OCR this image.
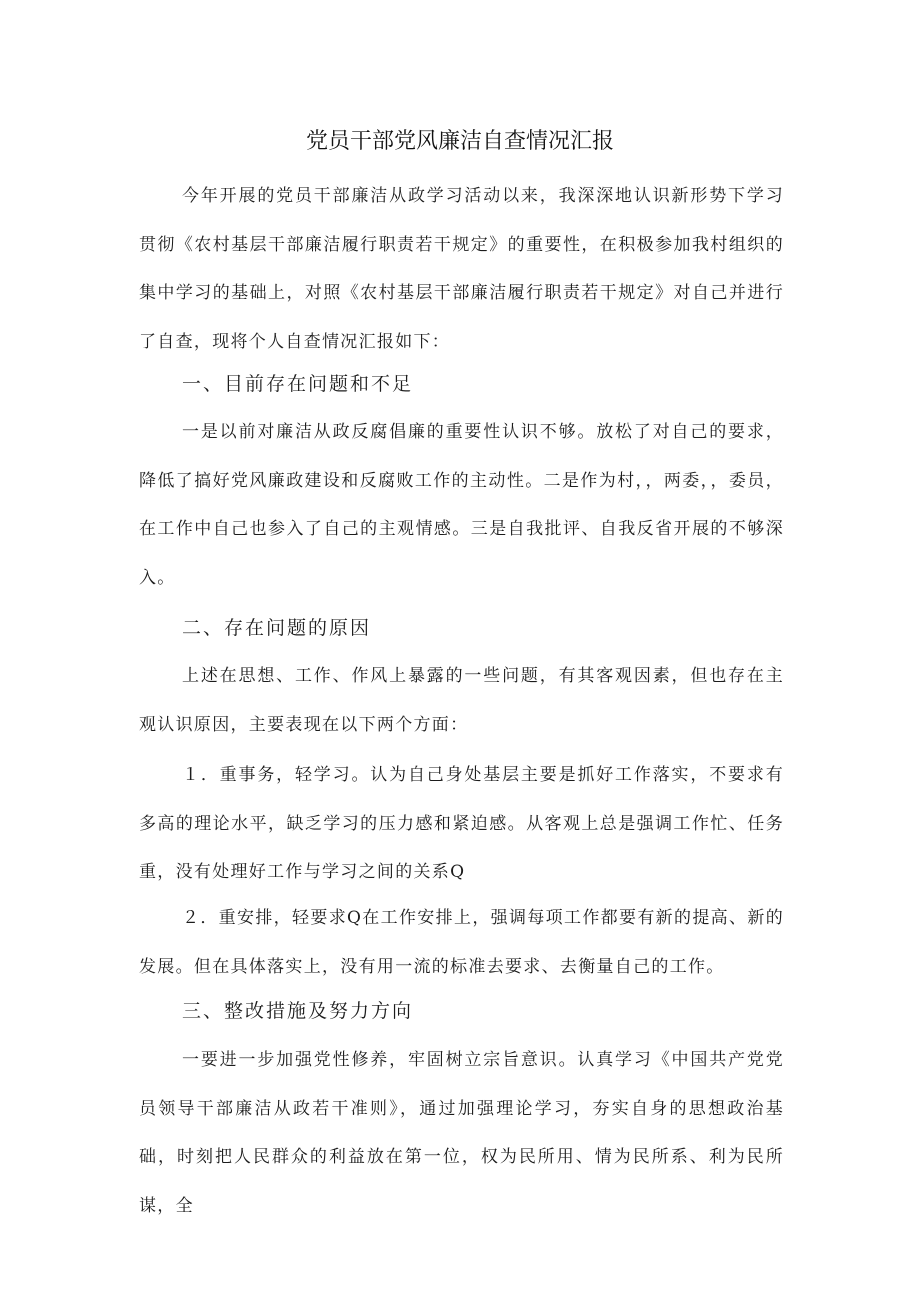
党员干部党风廉洁自查情况汇报

今年开展的党员干部廉洁从政学习活动以来，我深深地认识新形势下学习贯彻《农村基层干部廉洁履行职责若干规定》的重要性，在积极参加我村组织的集中学习的基础上，对照《农村基层干部廉洁履行职责若干规定》对自己并进行了自查，现将个人自查情况汇报如下：

一、目前存在问题和不足

一是以前对廉洁从政反腐倡廉的重要性认识不够。放松了对自己的要求，降低了搞好党风廉政建设和反腐败工作的主动性。二是作为村，，两委，，委员，在工作中自己也参入了自己的主观情感。三是自我批评、自我反省开展的不够深入。

二、存在问题的原因

上述在思想、工作、作风上暴露的一些问题，有其客观因素，但也存在主观认识原因，主要表现在以下两个方面：

１．重事务，轻学习。认为自己身处基层主要是抓好工作落实，不要求有多高的理论水平，缺乏学习的压力感和紧迫感。从客观上总是强调工作忙、任务重，没有处理好工作与学习之间的关系Q

２．重安排，轻要求Q在工作安排上，强调每项工作都要有新的提高、新的发展。但在具体落实上，没有用一流的标准去要求、去衡量自己的工作。

三、整改措施及努力方向

一要进一步加强党性修养，牢固树立宗旨意识。认真学习《中国共产党党员领导干部廉洁从政若干准则》，通过加强理论学习，夯实自身的思想政治基础，时刻把人民群众的利益放在第一位，权为民所用、情为民所系、利为民所谋，全
